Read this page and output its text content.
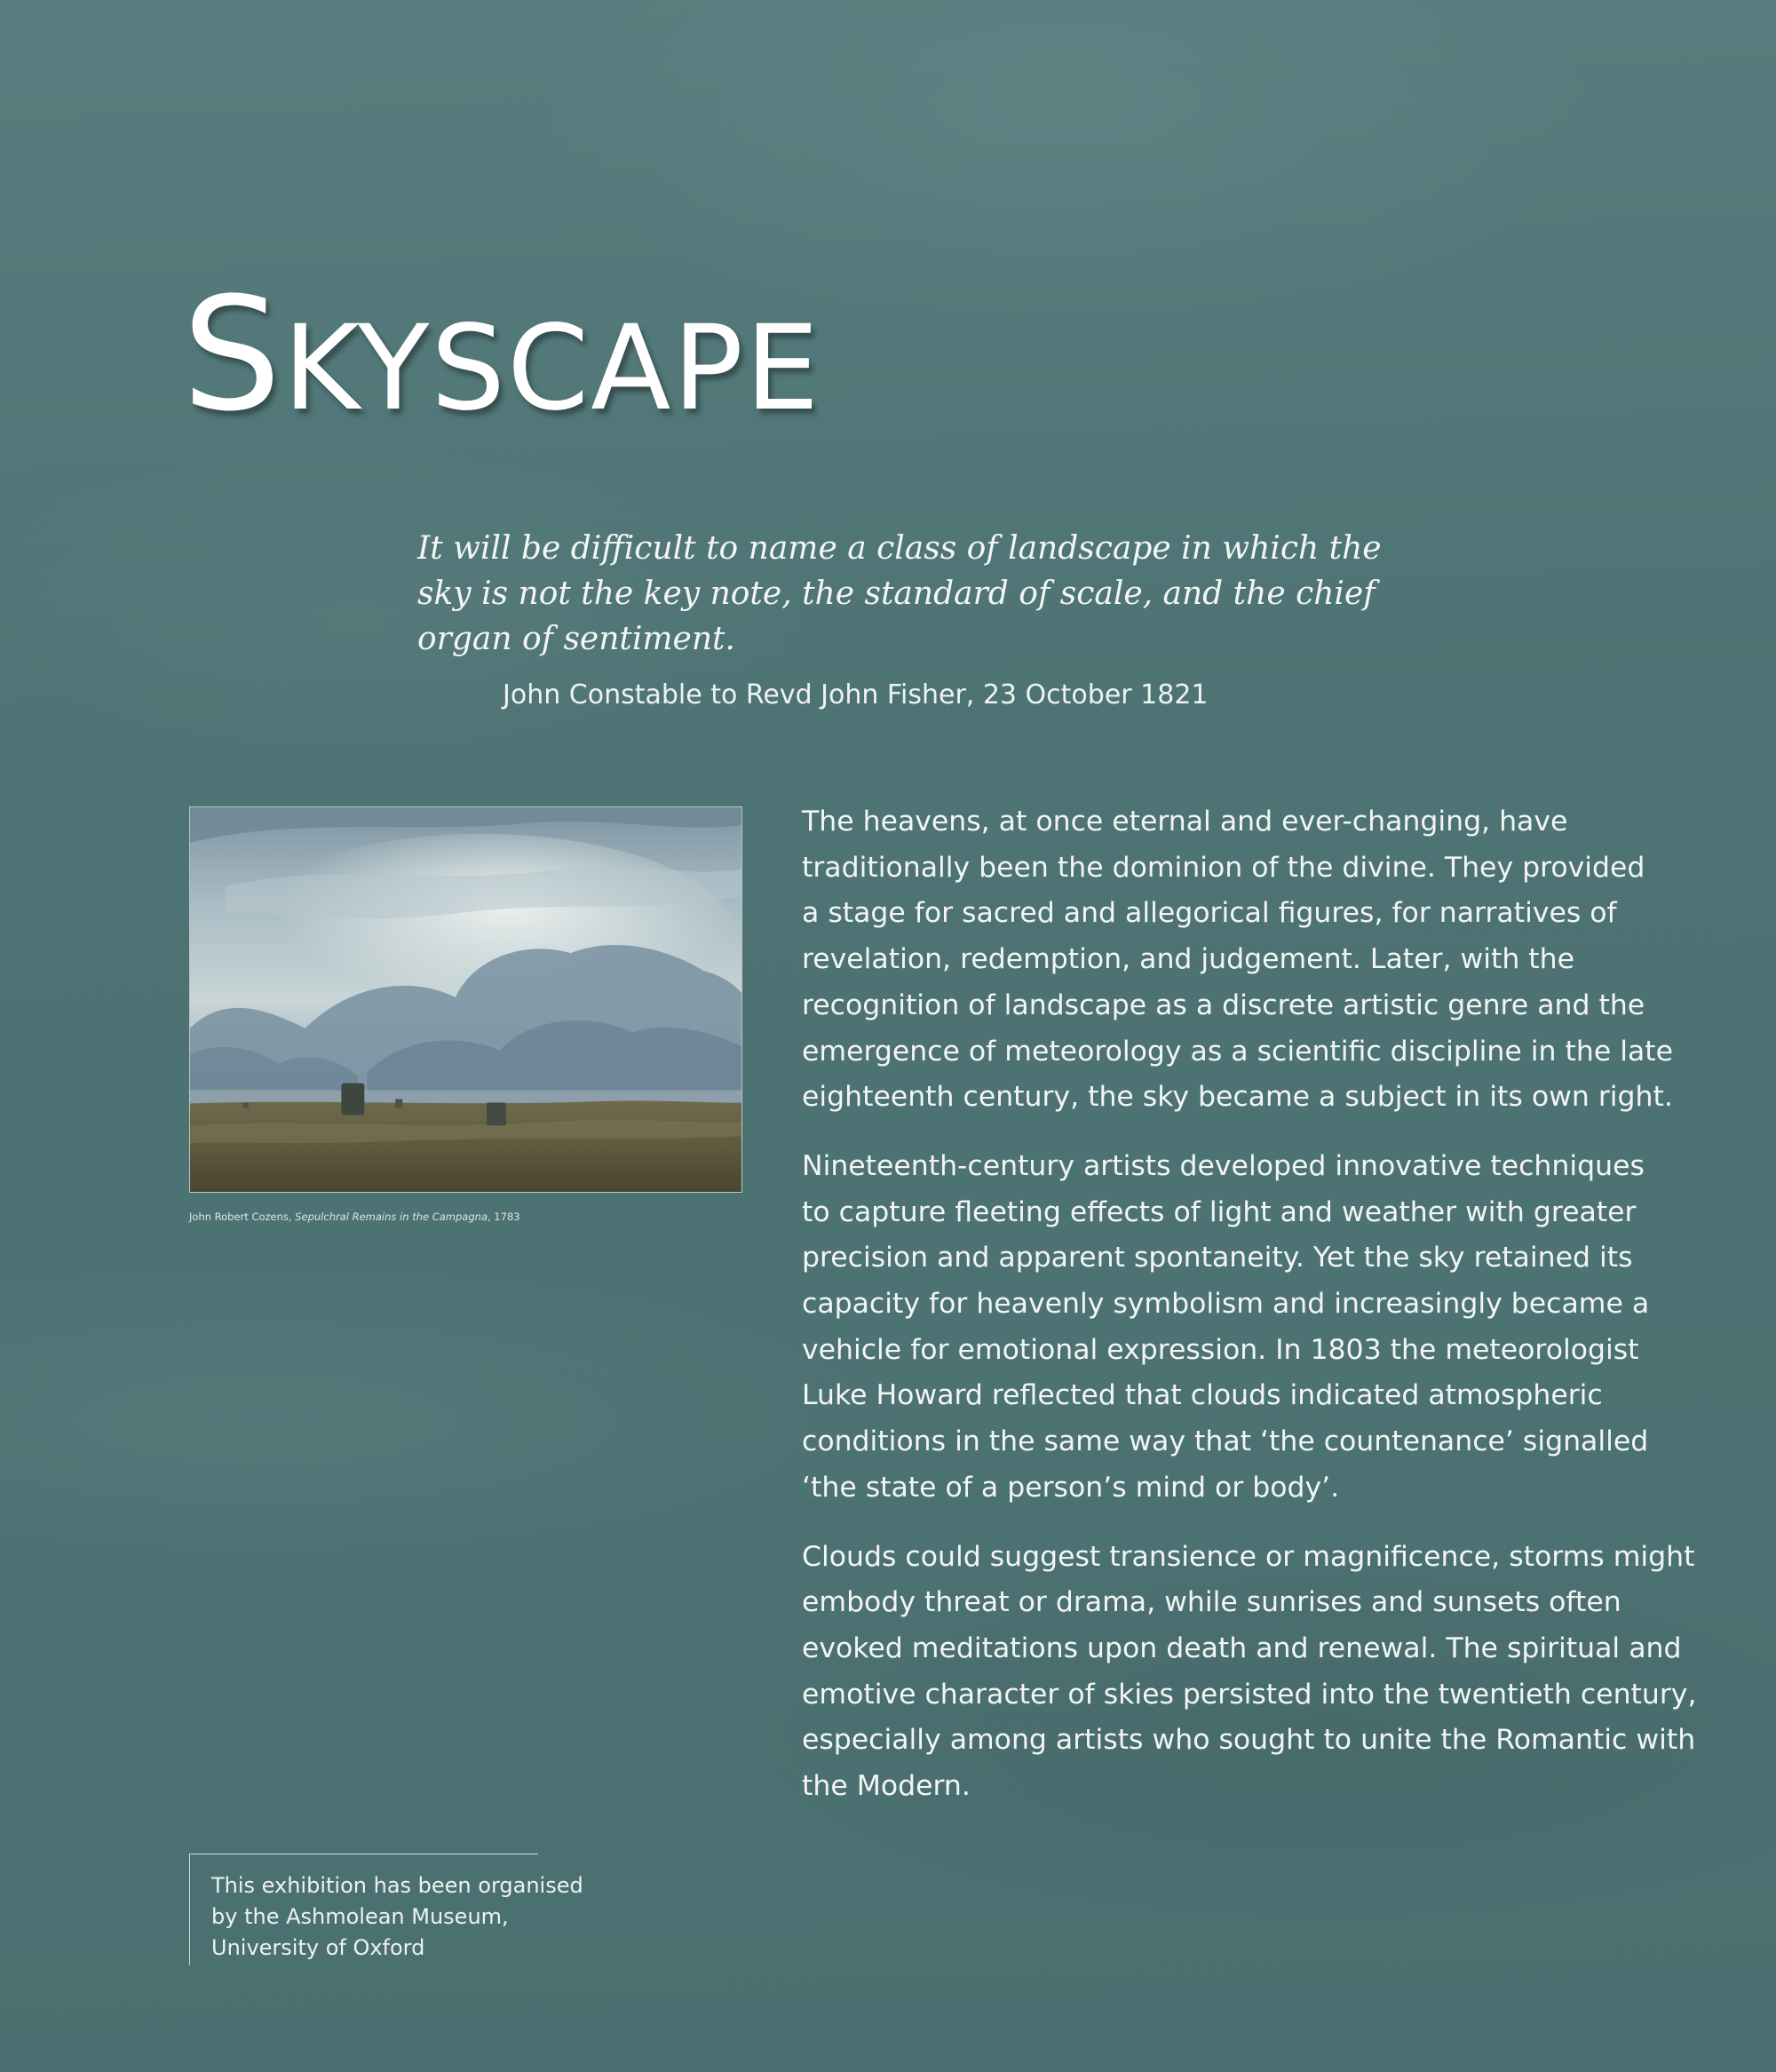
SKYSCAPE
It will be difficult to name a class of landscape in which the
sky is not the key note, the standard of scale, and the chief
organ of sentiment.

John Constable to Revd John Fisher, 23 October 1821

John Robert Cozens, Sepulchral Remains in the Campagna, 1783

The heavens, at once eternal and ever-changing, have
traditionally been the dominion of the divine. They provided
a stage for sacred and allegorical figures, for narratives of
revelation, redemption, and judgement. Later, with the
recognition of landscape as a discrete artistic genre and the
emergence of meteorology as a scientific discipline in the late
eighteenth century, the sky became a subject in its own right.

Nineteenth-century artists developed innovative techniques
to capture fleeting effects of light and weather with greater
precision and apparent spontaneity. Yet the sky retained its
capacity for heavenly symbolism and increasingly became a
vehicle for emotional expression. In 1803 the meteorologist
Luke Howard reflected that clouds indicated atmospheric
conditions in the same way that ‘the countenance’ signalled
‘the state of a person’s mind or body’.

Clouds could suggest transience or magnificence, storms might
embody threat or drama, while sunrises and sunsets often
evoked meditations upon death and renewal. The spiritual and
emotive character of skies persisted into the twentieth century,
especially among artists who sought to unite the Romantic with
the Modern.

This exhibition has been organised
by the Ashmolean Museum,
University of Oxford
